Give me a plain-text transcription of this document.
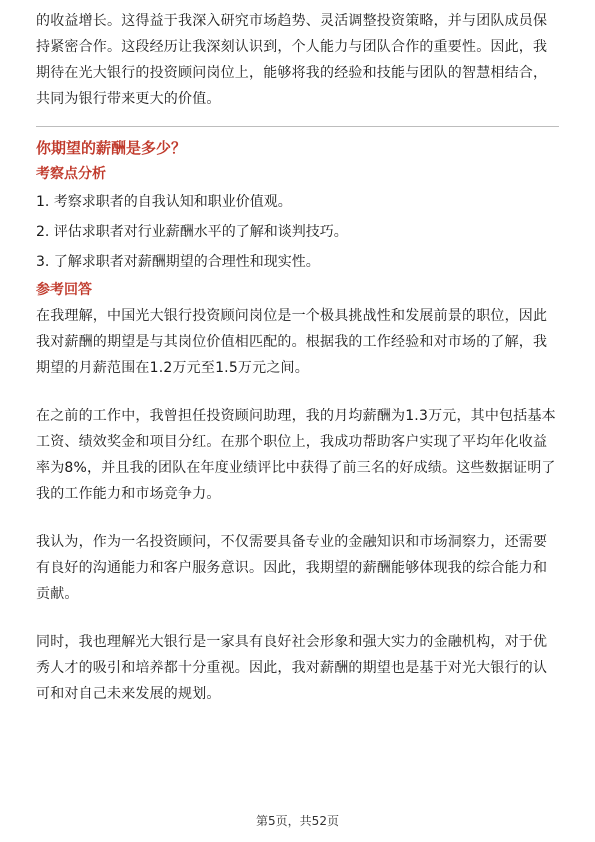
的收益增长。这得益于我深入研究市场趋势、灵活调整投资策略，并与团队成员保持紧密合作。这段经历让我深刻认识到，个人能力与团队合作的重要性。因此，我期待在光大银行的投资顾问岗位上，能够将我的经验和技能与团队的智慧相结合，共同为银行带来更大的价值。

你期望的薪酬是多少？

考察点分析

1. 考察求职者的自我认知和职业价值观。
2. 评估求职者对行业薪酬水平的了解和谈判技巧。
3. 了解求职者对薪酬期望的合理性和现实性。

参考回答

在我理解，中国光大银行投资顾问岗位是一个极具挑战性和发展前景的职位，因此我对薪酬的期望是与其岗位价值相匹配的。根据我的工作经验和对市场的了解，我期望的月薪范围在1.2万元至1.5万元之间。

在之前的工作中，我曾担任投资顾问助理，我的月均薪酬为1.3万元，其中包括基本工资、绩效奖金和项目分红。在那个职位上，我成功帮助客户实现了平均年化收益率为8%，并且我的团队在年度业绩评比中获得了前三名的好成绩。这些数据证明了我的工作能力和市场竞争力。

我认为，作为一名投资顾问，不仅需要具备专业的金融知识和市场洞察力，还需要有良好的沟通能力和客户服务意识。因此，我期望的薪酬能够体现我的综合能力和贡献。

同时，我也理解光大银行是一家具有良好社会形象和强大实力的金融机构，对于优秀人才的吸引和培养都十分重视。因此，我对薪酬的期望也是基于对光大银行的认可和对自己未来发展的规划。

第5页，共52页
